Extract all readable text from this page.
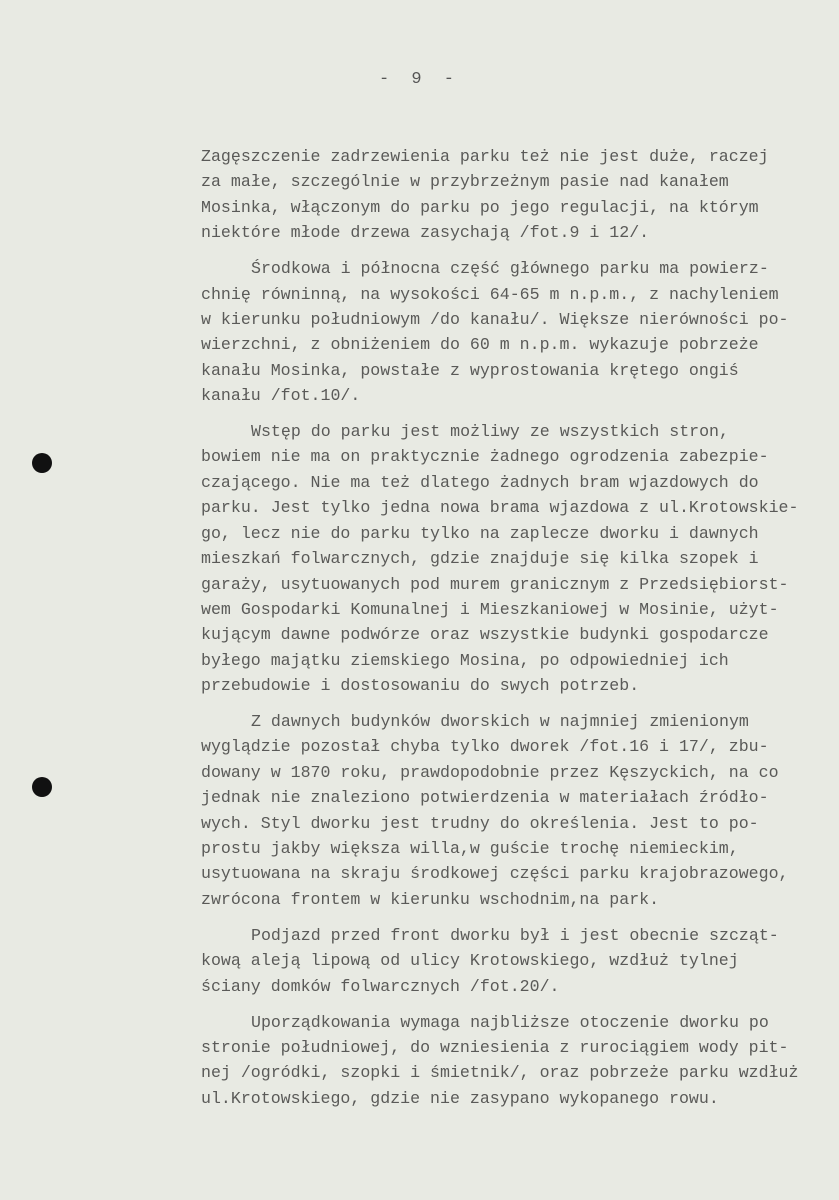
- 9 -

Zagęszczenie zadrzewienia parku też nie jest duże, raczej
za małe, szczególnie w przybrzeżnym pasie nad kanałem
Mosinka, włączonym do parku po jego regulacji, na którym
niektóre młode drzewa zasychają /fot.9 i 12/.

Środkowa i północna część głównego parku ma powierz-
chnię równinną, na wysokości 64-65 m n.p.m., z nachyleniem
w kierunku południowym /do kanału/. Większe nierówności po-
wierzchni, z obniżeniem do 60 m n.p.m. wykazuje pobrzeże
kanału Mosinka, powstałe z wyprostowania krętego ongiś
kanału /fot.10/.

Wstęp do parku jest możliwy ze wszystkich stron,
bowiem nie ma on praktycznie żadnego ogrodzenia zabezpie-
czającego. Nie ma też dlatego żadnych bram wjazdowych do
parku. Jest tylko jedna nowa brama wjazdowa z ul.Krotowskie-
go, lecz nie do parku tylko na zaplecze dworku i dawnych
mieszkań folwarcznych, gdzie znajduje się kilka szopek i
garaży, usytuowanych pod murem granicznym z Przedsiębiorst-
wem Gospodarki Komunalnej i Mieszkaniowej w Mosinie, użyt-
kującym dawne podwórze oraz wszystkie budynki gospodarcze
byłego majątku ziemskiego Mosina, po odpowiedniej ich
przebudowie i dostosowaniu do swych potrzeb.

Z dawnych budynków dworskich w najmniej zmienionym
wyglądzie pozostał chyba tylko dworek /fot.16 i 17/, zbu-
dowany w 1870 roku, prawdopodobnie przez Kęszyckich, na co
jednak nie znaleziono potwierdzenia w materiałach źródło-
wych. Styl dworku jest trudny do określenia. Jest to po-
prostu jakby większa willa,w guście trochę niemieckim,
usytuowana na skraju środkowej części parku krajobrazowego,
zwrócona frontem w kierunku wschodnim,na park.

Podjazd przed front dworku był i jest obecnie szcząt-
kową aleją lipową od ulicy Krotowskiego, wzdłuż tylnej
ściany domków folwarcznych /fot.20/.

Uporządkowania wymaga najbliższe otoczenie dworku po
stronie południowej, do wzniesienia z rurociągiem wody pit-
nej /ogródki, szopki i śmietnik/, oraz pobrzeże parku wzdłuż
ul.Krotowskiego, gdzie nie zasypano wykopanego rowu.
